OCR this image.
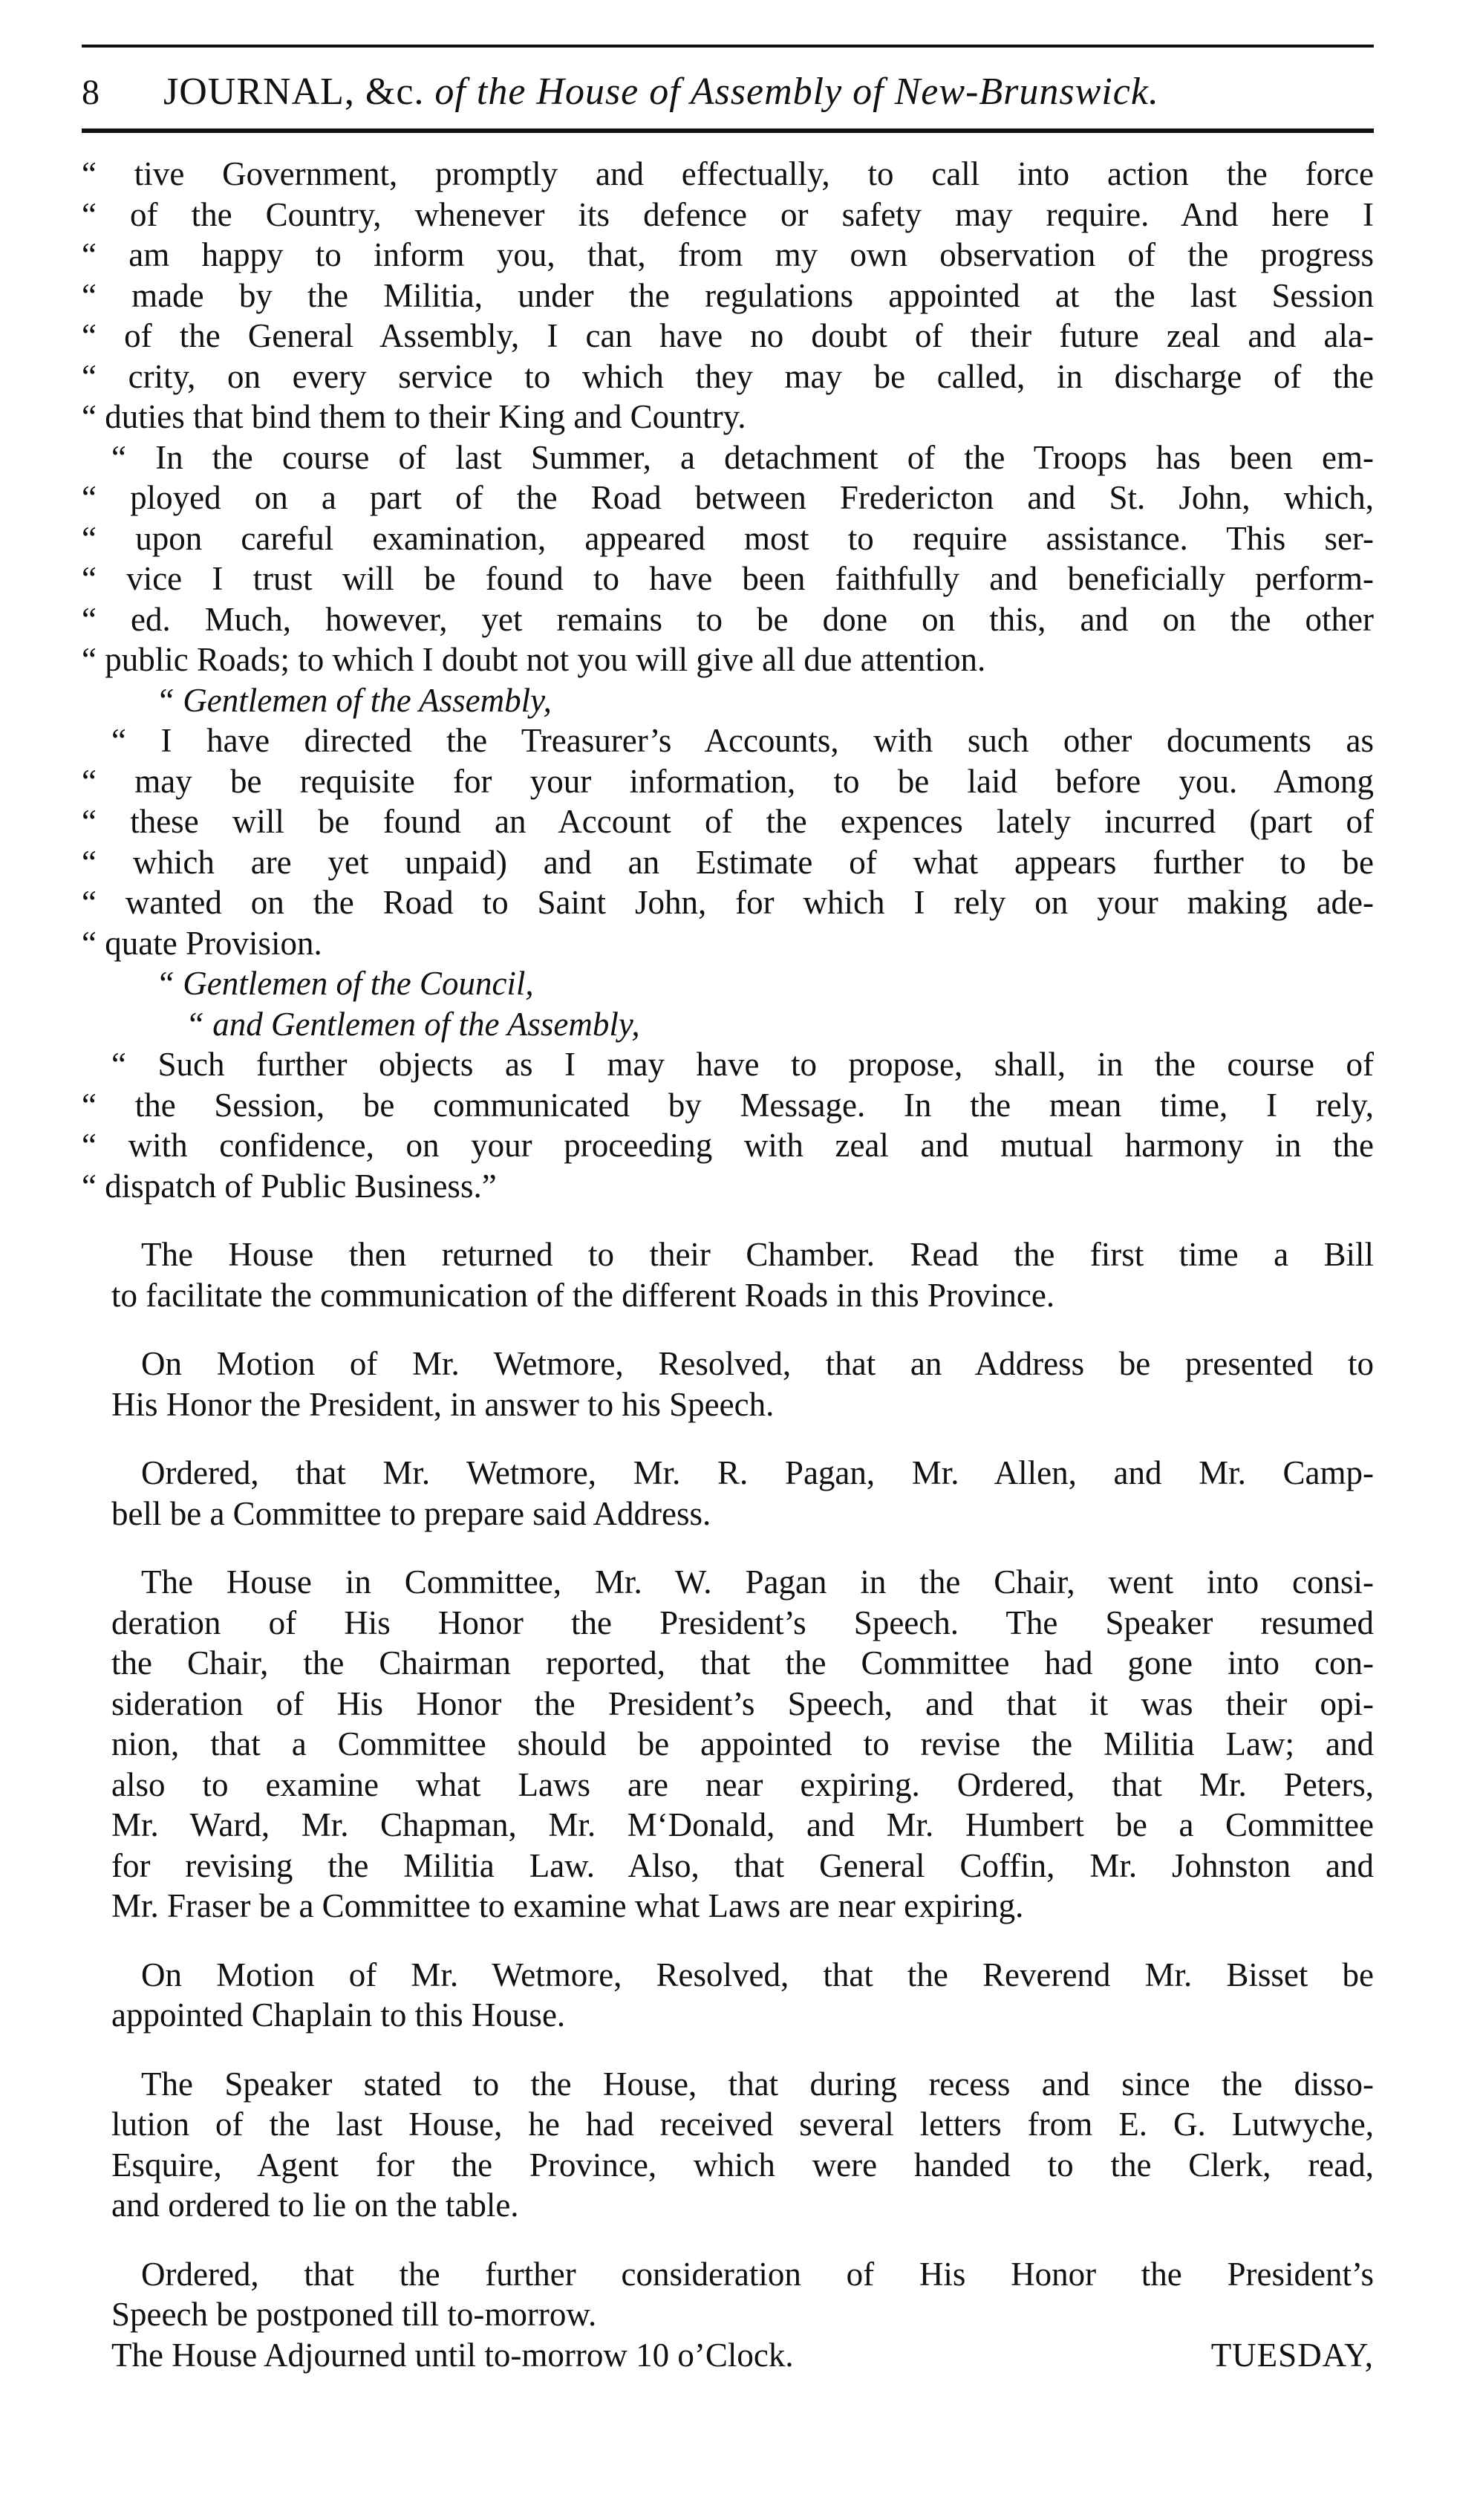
8	JOURNAL, &c. of the House of Assembly of New-Brunswick.
“ tive Government, promptly and effectually, to call into action the force
“ of the Country, whenever its defence or safety may require. And here I
“ am happy to inform you, that, from my own observation of the progress
“ made by the Militia, under the regulations appointed at the last Session
“ of the General Assembly, I can have no doubt of their future zeal and ala-
“ crity, on every service to which they may be called, in discharge of the
“ duties that bind them to their King and Country.
“ In the course of last Summer, a detachment of the Troops has been em-
“ ployed on a part of the Road between Fredericton and St. John, which,
“ upon careful examination, appeared most to require assistance. This ser-
“ vice I trust will be found to have been faithfully and beneficially perform-
“ ed. Much, however, yet remains to be done on this, and on the other
“ public Roads; to which I doubt not you will give all due attention.
“ Gentlemen of the Assembly,
“ I have directed the Treasurer’s Accounts, with such other documents as
“ may be requisite for your information, to be laid before you. Among
“ these will be found an Account of the expences lately incurred (part of
“ which are yet unpaid) and an Estimate of what appears further to be
“ wanted on the Road to Saint John, for which I rely on your making ade-
“ quate Provision.
“ Gentlemen of the Council,
“ and Gentlemen of the Assembly,
“ Such further objects as I may have to propose, shall, in the course of
“ the Session, be communicated by Message. In the mean time, I rely,
“ with confidence, on your proceeding with zeal and mutual harmony in the
“ dispatch of Public Business.”
The House then returned to their Chamber. Read the first time a Bill
to facilitate the communication of the different Roads in this Province.
On Motion of Mr. Wetmore, Resolved, that an Address be presented to
His Honor the President, in answer to his Speech.
Ordered, that Mr. Wetmore, Mr. R. Pagan, Mr. Allen, and Mr. Camp-
bell be a Committee to prepare said Address.
The House in Committee, Mr. W. Pagan in the Chair, went into consi-
deration of His Honor the President’s Speech. The Speaker resumed
the Chair, the Chairman reported, that the Committee had gone into con-
sideration of His Honor the President’s Speech, and that it was their opi-
nion, that a Committee should be appointed to revise the Militia Law; and
also to examine what Laws are near expiring. Ordered, that Mr. Peters,
Mr. Ward, Mr. Chapman, Mr. M‘Donald, and Mr. Humbert be a Committee
for revising the Militia Law. Also, that General Coffin, Mr. Johnston and
Mr. Fraser be a Committee to examine what Laws are near expiring.
On Motion of Mr. Wetmore, Resolved, that the Reverend Mr. Bisset be
appointed Chaplain to this House.
The Speaker stated to the House, that during recess and since the disso-
lution of the last House, he had received several letters from E. G. Lutwyche,
Esquire, Agent for the Province, which were handed to the Clerk, read,
and ordered to lie on the table.
Ordered, that the further consideration of His Honor the President’s
Speech be postponed till to-morrow.
The House Adjourned until to-morrow 10 o’Clock.	TUESDAY,
